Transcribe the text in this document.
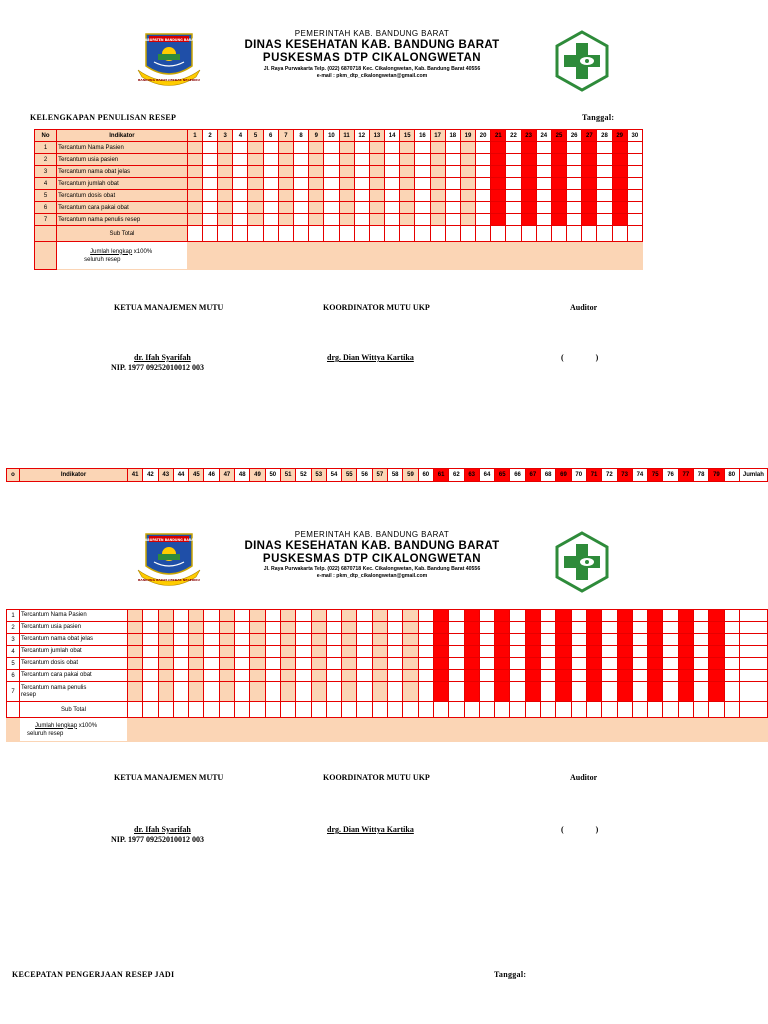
KABUPATEN BANDUNG BARAT
BANDUNG BARAT CERDAS NEGERIKU
PEMERINTAH KAB. BANDUNG BARAT
DINAS KESEHATAN KAB. BANDUNG BARAT
PUSKESMAS DTP CIKALONGWETAN
Jl. Raya Purwakarta Telp. (022) 6870718 Kec. Cikalongwetan, Kab. Bandung Barat 40556
e-mail : pkm_dtp_cikalongwetan@gmail.com
KELENGKAPAN PENULISAN RESEP	Tanggal:
No	Indikator	1	2	3	4	5	6	7	8	9	10	11	12	13	14	15	16	17	18	19	20	21	22	23	24	25	26	27	28	29	30
1	Tercantum Nama Pasien																														
2	Tercantum usia pasien																														
3	Tercantum nama obat jelas																														
4	Tercantum jumlah obat																														
5	Tercantum dosis obat																														
6	Tercantum cara pakai obat																														
7	Tercantum nama penulis resep																														
	Sub Total																														

	Jumlah lengkap x100%
seluruh resep																														

KETUA MANAJEMEN MUTU	KOORDINATOR MUTU UKP	Auditor
dr. Ifah Syarifah
NIP. 1977 09252010012 003
drg. Dian Wittya Kartika	(                )
o	Indikator	41	42	43	44	45	46	47	48	49	50	51	52	53	54	55	56	57	58	59	60	61	62	63	64	65	66	67	68	69	70	71	72	73	74	75	76	77	78	79	80	Jumlah
KABUPATEN BANDUNG BARAT
BANDUNG BARAT CERDAS NEGERIKU
PEMERINTAH KAB. BANDUNG BARAT
DINAS KESEHATAN KAB. BANDUNG BARAT
PUSKESMAS DTP CIKALONGWETAN
Jl. Raya Purwakarta Telp. (022) 6870718 Kec. Cikalongwetan, Kab. Bandung Barat 40556
e-mail : pkm_dtp_cikalongwetan@gmail.com
1	Tercantum Nama Pasien																																									
2	Tercantum usia pasien																																									
3	Tercantum nama obat jelas																																									
4	Tercantum jumlah obat																																									
5	Tercantum dosis obat																																									
6	Tercantum cara pakai obat																																									
7	Tercantum nama penulis
resep																																									

	Sub Total																																									

	Jumlah lengkap x100%
seluruh resep																																									

KETUA MANAJEMEN MUTU	KOORDINATOR MUTU UKP	Auditor
dr. Ifah Syarifah
NIP. 1977 09252010012 003
drg. Dian Wittya Kartika	(                )
KECEPATAN PENGERJAAN RESEP JADI	Tanggal:
